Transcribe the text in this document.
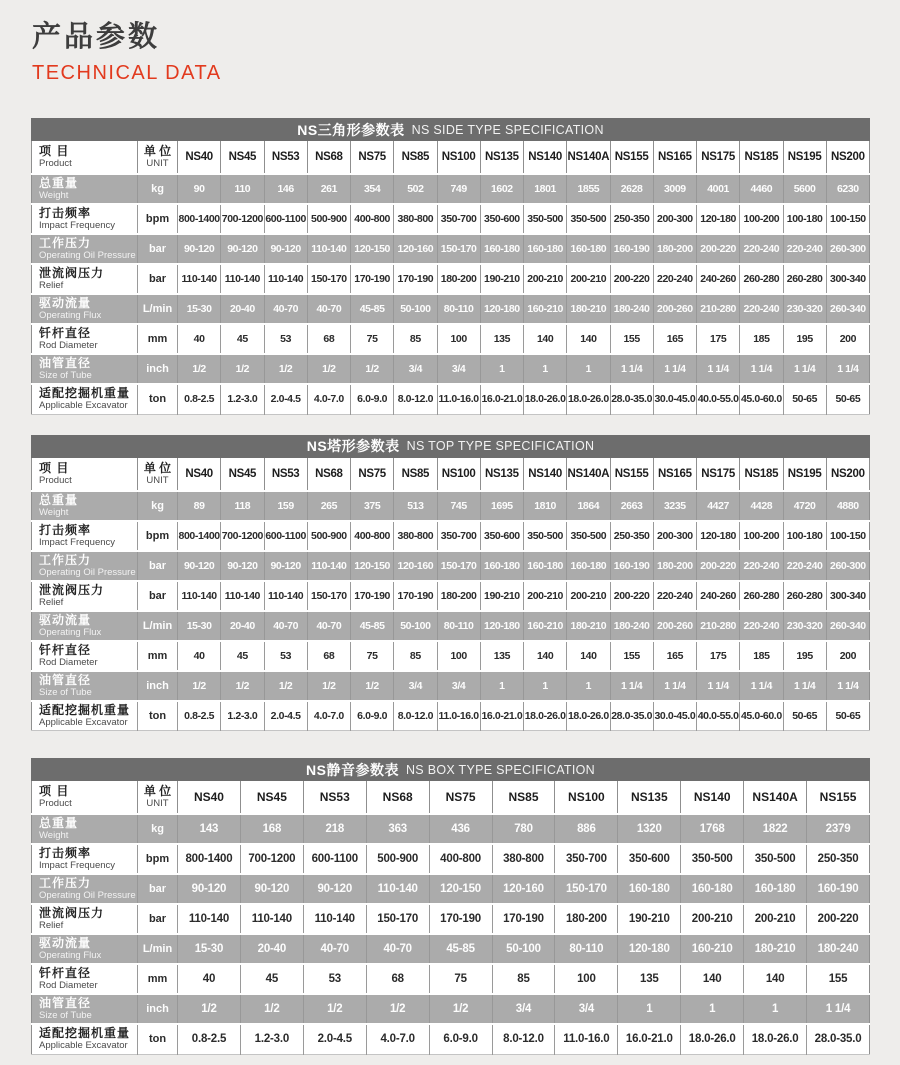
产品参数
TECHNICAL DATA
NS三角形参数表 NS SIDE TYPE SPECIFICATION
项 目
Product

单 位
UNIT
	NS40	NS45	NS53	NS68	NS75	NS85	NS100	NS135	NS140	NS140A	NS155	NS165	NS175	NS185	NS195	NS200

总重量
Weight	kg	90	110	146	261	354	502	749	1602	1801	1855	2628	3009	4001	4460	5600	6230

打击频率
Impact Frequency	bpm	800-1400	700-1200	600-1100	500-900	400-800	380-800	350-700	350-600	350-500	350-500	250-350	200-300	120-180	100-200	100-180	100-150

工作压力
Operating Oil Pressure	bar	90-120	90-120	90-120	110-140	120-150	120-160	150-170	160-180	160-180	160-180	160-190	180-200	200-220	220-240	220-240	260-300

泄流阀压力
Relief	bar	110-140	110-140	110-140	150-170	170-190	170-190	180-200	190-210	200-210	200-210	200-220	220-240	240-260	260-280	260-280	300-340

驱动流量
Operating Flux	L/min	15-30	20-40	40-70	40-70	45-85	50-100	80-110	120-180	160-210	180-210	180-240	200-260	210-280	220-240	230-320	260-340

钎杆直径
Rod Diameter	mm	40	45	53	68	75	85	100	135	140	140	155	165	175	185	195	200

油管直径
Size of Tube	inch	1/2	1/2	1/2	1/2	1/2	3/4	3/4	1	1	1	1 1/4	1 1/4	1 1/4	1 1/4	1 1/4	1 1/4

适配挖掘机重量
Applicable Excavator	ton	0.8-2.5	1.2-3.0	2.0-4.5	4.0-7.0	6.0-9.0	8.0-12.0	11.0-16.0	16.0-21.0	18.0-26.0	18.0-26.0	28.0-35.0	30.0-45.0	40.0-55.0	45.0-60.0	50-65	50-65
NS塔形参数表 NS TOP TYPE SPECIFICATION
项 目
Product

单 位
UNIT
	NS40	NS45	NS53	NS68	NS75	NS85	NS100	NS135	NS140	NS140A	NS155	NS165	NS175	NS185	NS195	NS200

总重量
Weight	kg	89	118	159	265	375	513	745	1695	1810	1864	2663	3235	4427	4428	4720	4880

打击频率
Impact Frequency	bpm	800-1400	700-1200	600-1100	500-900	400-800	380-800	350-700	350-600	350-500	350-500	250-350	200-300	120-180	100-200	100-180	100-150

工作压力
Operating Oil Pressure	bar	90-120	90-120	90-120	110-140	120-150	120-160	150-170	160-180	160-180	160-180	160-190	180-200	200-220	220-240	220-240	260-300

泄流阀压力
Relief	bar	110-140	110-140	110-140	150-170	170-190	170-190	180-200	190-210	200-210	200-210	200-220	220-240	240-260	260-280	260-280	300-340

驱动流量
Operating Flux	L/min	15-30	20-40	40-70	40-70	45-85	50-100	80-110	120-180	160-210	180-210	180-240	200-260	210-280	220-240	230-320	260-340

钎杆直径
Rod Diameter	mm	40	45	53	68	75	85	100	135	140	140	155	165	175	185	195	200

油管直径
Size of Tube	inch	1/2	1/2	1/2	1/2	1/2	3/4	3/4	1	1	1	1 1/4	1 1/4	1 1/4	1 1/4	1 1/4	1 1/4

适配挖掘机重量
Applicable Excavator	ton	0.8-2.5	1.2-3.0	2.0-4.5	4.0-7.0	6.0-9.0	8.0-12.0	11.0-16.0	16.0-21.0	18.0-26.0	18.0-26.0	28.0-35.0	30.0-45.0	40.0-55.0	45.0-60.0	50-65	50-65
NS静音参数表 NS BOX TYPE SPECIFICATION
项 目
Product

单 位
UNIT	NS40	NS45	NS53	NS68	NS75	NS85	NS100	NS135	NS140	NS140A	NS155

总重量
Weight	kg	143	168	218	363	436	780	886	1320	1768	1822	2379

打击频率
Impact Frequency	bpm	800-1400	700-1200	600-1100	500-900	400-800	380-800	350-700	350-600	350-500	350-500	250-350

工作压力
Operating Oil Pressure	bar	90-120	90-120	90-120	110-140	120-150	120-160	150-170	160-180	160-180	160-180	160-190

泄流阀压力
Relief	bar	110-140	110-140	110-140	150-170	170-190	170-190	180-200	190-210	200-210	200-210	200-220

驱动流量
Operating Flux	L/min	15-30	20-40	40-70	40-70	45-85	50-100	80-110	120-180	160-210	180-210	180-240

钎杆直径
Rod Diameter	mm	40	45	53	68	75	85	100	135	140	140	155

油管直径
Size of Tube	inch	1/2	1/2	1/2	1/2	1/2	3/4	3/4	1	1	1	1 1/4

适配挖掘机重量
Applicable Excavator	ton	0.8-2.5	1.2-3.0	2.0-4.5	4.0-7.0	6.0-9.0	8.0-12.0	11.0-16.0	16.0-21.0	18.0-26.0	18.0-26.0	28.0-35.0
